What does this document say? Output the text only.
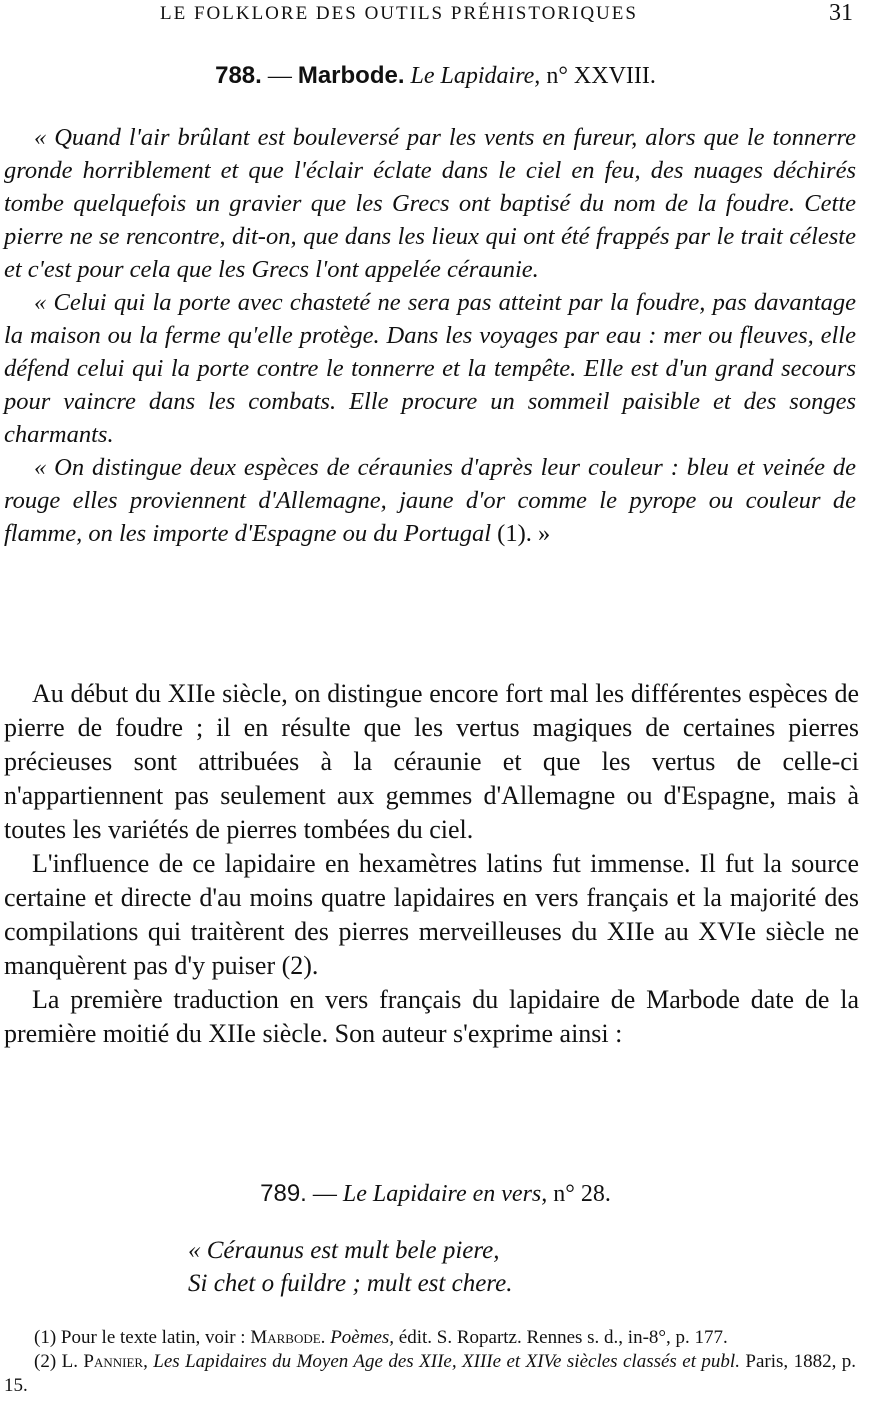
LE FOLKLORE DES OUTILS PRÉHISTORIQUES	31
788. — Marbode. Le Lapidaire, n° XXVIII.

« Quand l'air brûlant est bouleversé par les vents en fureur, alors que le tonnerre gronde horriblement et que l'éclair éclate dans le ciel en feu, des nuages déchirés tombe quelquefois un gravier que les Grecs ont baptisé du nom de la foudre. Cette pierre ne se rencontre, dit-on, que dans les lieux qui ont été frappés par le trait céleste et c'est pour cela que les Grecs l'ont appelée céraunie.

« Celui qui la porte avec chasteté ne sera pas atteint par la foudre, pas davantage la maison ou la ferme qu'elle protège. Dans les voyages par eau : mer ou fleuves, elle défend celui qui la porte contre le tonnerre et la tempête. Elle est d'un grand secours pour vaincre dans les combats. Elle procure un sommeil paisible et des songes charmants.

« On distingue deux espèces de céraunies d'après leur couleur : bleu et veinée de rouge elles proviennent d'Allemagne, jaune d'or comme le pyrope ou couleur de flamme, on les importe d'Espagne ou du Portugal (1). »

Au début du XIIe siècle, on distingue encore fort mal les différentes espèces de pierre de foudre ; il en résulte que les vertus magiques de certaines pierres précieuses sont attribuées à la céraunie et que les vertus de celle-ci n'appartiennent pas seulement aux gemmes d'Allemagne ou d'Espagne, mais à toutes les variétés de pierres tombées du ciel.

L'influence de ce lapidaire en hexamètres latins fut immense. Il fut la source certaine et directe d'au moins quatre lapidaires en vers français et la majorité des compilations qui traitèrent des pierres merveilleuses du XIIe au XVIe siècle ne manquèrent pas d'y puiser (2).

La première traduction en vers français du lapidaire de Marbode date de la première moitié du XIIe siècle. Son auteur s'exprime ainsi :

789. — Le Lapidaire en vers, n° 28.
« Céraunus est mult bele piere,
Si chet o fuildre ; mult est chere.

(1) Pour le texte latin, voir : Marbode. Poèmes, édit. S. Ropartz. Rennes s. d., in-8°, p. 177.

(2) L. Pannier, Les Lapidaires du Moyen Age des XIIe, XIIIe et XIVe siècles classés et publ. Paris, 1882, p. 15.
